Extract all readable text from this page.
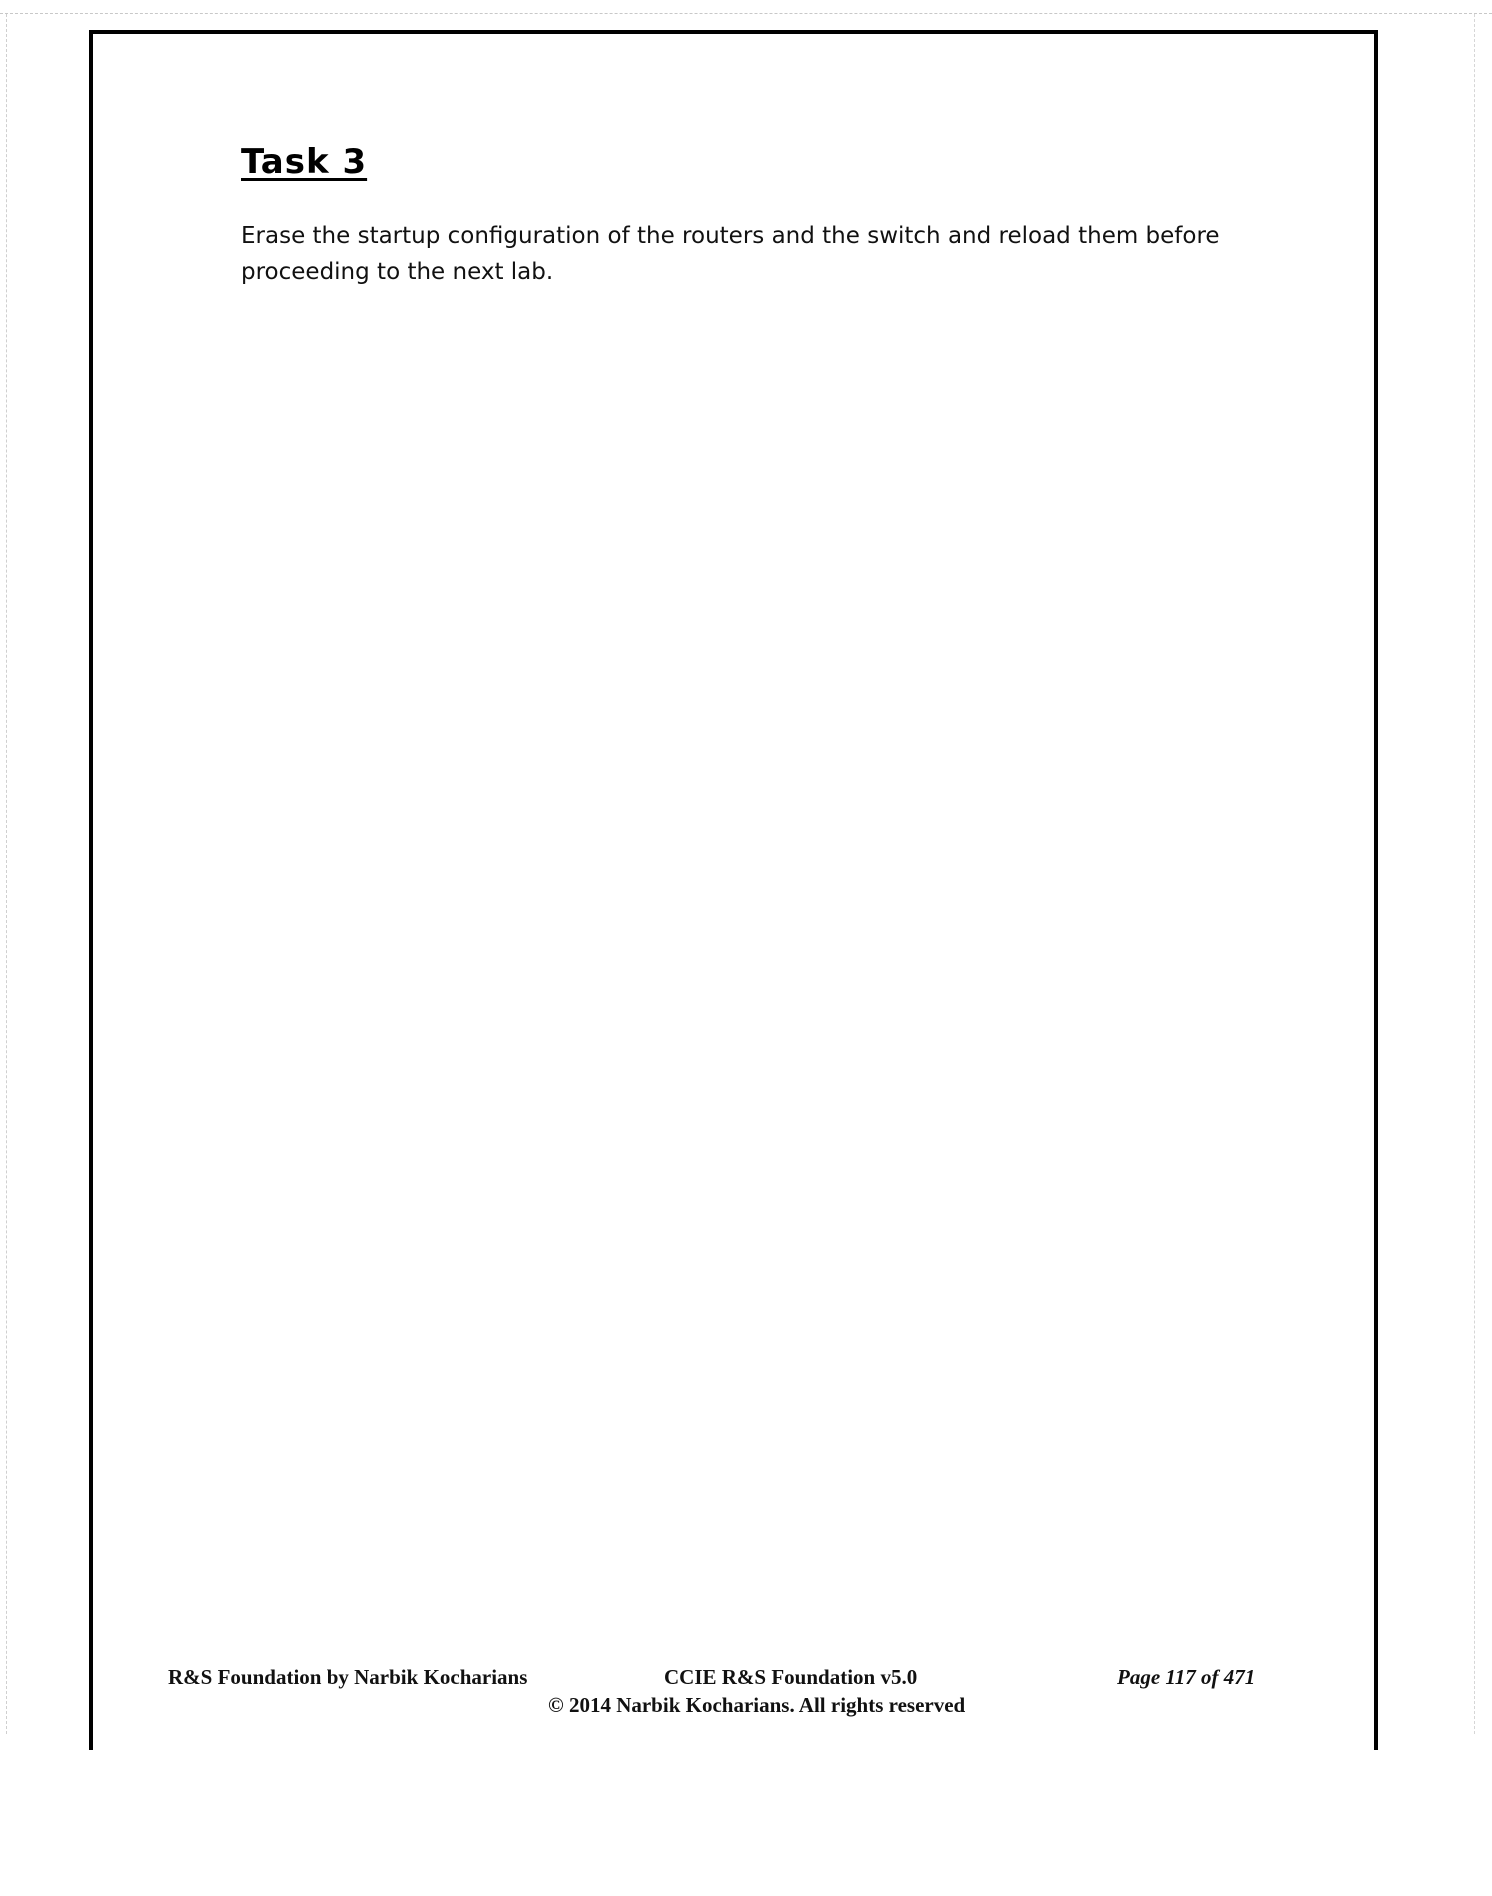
Task 3

Erase the startup configuration of the routers and the switch and reload them before proceeding to the next lab.

R&S Foundation by Narbik Kocharians	CCIE R&S Foundation v5.0	Page 117 of 471
© 2014 Narbik Kocharians. All rights reserved
